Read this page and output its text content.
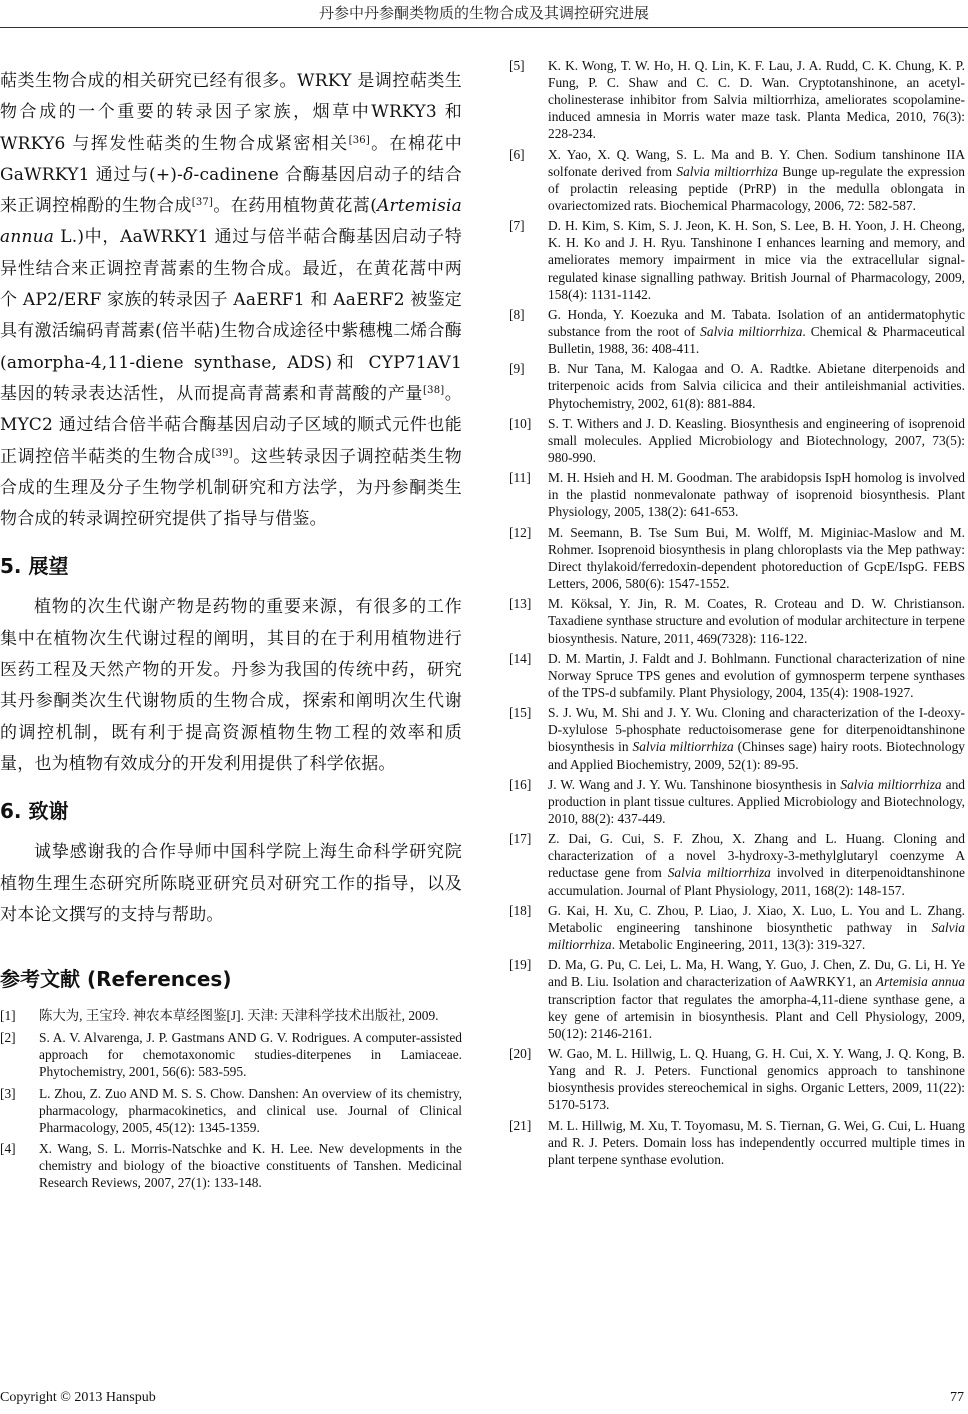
丹参中丹参酮类物质的生物合成及其调控研究进展

萜类生物合成的相关研究已经有很多。WRKY 是调控萜类生物合成的一个重要的转录因子家族，烟草中WRKY3 和 WRKY6 与挥发性萜类的生物合成紧密相关[36]。在棉花中 GaWRKY1 通过与(+)-δ-cadinene 合酶基因启动子的结合来正调控棉酚的生物合成[37]。在药用植物黄花蒿(Artemisia annua L.)中，AaWRKY1 通过与倍半萜合酶基因启动子特异性结合来正调控青蒿素的生物合成。最近，在黄花蒿中两个 AP2/ERF 家族的转录因子 AaERF1 和 AaERF2 被鉴定具有激活编码青蒿素(倍半萜)生物合成途径中紫穗槐二烯合酶(amorpha-4,11-diene synthase, ADS)和 CYP71AV1 基因的转录表达活性，从而提高青蒿素和青蒿酸的产量[38]。MYC2 通过结合倍半萜合酶基因启动子区域的顺式元件也能正调控倍半萜类的生物合成[39]。这些转录因子调控萜类生物合成的生理及分子生物学机制研究和方法学，为丹参酮类生物合成的转录调控研究提供了指导与借鉴。

5. 展望

植物的次生代谢产物是药物的重要来源，有很多的工作集中在植物次生代谢过程的阐明，其目的在于利用植物进行医药工程及天然产物的开发。丹参为我国的传统中药，研究其丹参酮类次生代谢物质的生物合成，探索和阐明次生代谢的调控机制，既有利于提高资源植物生物工程的效率和质量，也为植物有效成分的开发利用提供了科学依据。

6. 致谢

诚挚感谢我的合作导师中国科学院上海生命科学研究院植物生理生态研究所陈晓亚研究员对研究工作的指导，以及对本论文撰写的支持与帮助。

参考文献 (References)
[1]	陈大为, 王宝玲. 神农本草经图鉴[J]. 天津: 天津科学技术出版社, 2009.
[2]	S. A. V. Alvarenga, J. P. Gastmans AND G. V. Rodrigues. A computer-assisted approach for chemotaxonomic studies-diterpenes in Lamiaceae. Phytochemistry, 2001, 56(6): 583-595.
[3]	L. Zhou, Z. Zuo AND M. S. S. Chow. Danshen: An overview of its chemistry, pharmacology, pharmacokinetics, and clinical use. Journal of Clinical Pharmacology, 2005, 45(12): 1345-1359.
[4]	X. Wang, S. L. Morris-Natschke and K. H. Lee. New developments in the chemistry and biology of the bioactive constituents of Tanshen. Medicinal Research Reviews, 2007, 27(1): 133-148.
[5]	K. K. Wong, T. W. Ho, H. Q. Lin, K. F. Lau, J. A. Rudd, C. K. Chung, K. P. Fung, P. C. Shaw and C. C. D. Wan. Cryptotanshinone, an acetyl-cholinesterase inhibitor from Salvia miltiorrhiza, ameliorates scopolamine-induced amnesia in Morris water maze task. Planta Medica, 2010, 76(3): 228-234.
[6]	X. Yao, X. Q. Wang, S. L. Ma and B. Y. Chen. Sodium tanshinone IIA solfonate derived from Salvia miltiorrhiza Bunge up-regulate the expression of prolactin releasing peptide (PrRP) in the medulla oblongata in ovariectomized rats. Biochemical Pharmacology, 2006, 72: 582-587.
[7]	D. H. Kim, S. Kim, S. J. Jeon, K. H. Son, S. Lee, B. H. Yoon, J. H. Cheong, K. H. Ko and J. H. Ryu. Tanshinone I enhances learning and memory, and ameliorates memory impairment in mice via the extracellular signal-regulated kinase signalling pathway. British Journal of Pharmacology, 2009, 158(4): 1131-1142.
[8]	G. Honda, Y. Koezuka and M. Tabata. Isolation of an antidermatophytic substance from the root of Salvia miltiorrhiza. Chemical & Pharmaceutical Bulletin, 1988, 36: 408-411.
[9]	B. Nur Tana, M. Kalogaa and O. A. Radtke. Abietane diterpenoids and triterpenoic acids from Salvia cilicica and their antileishmanial activities. Phytochemistry, 2002, 61(8): 881-884.
[10]	S. T. Withers and J. D. Keasling. Biosynthesis and engineering of isoprenoid small molecules. Applied Microbiology and Biotechnology, 2007, 73(5): 980-990.
[11]	M. H. Hsieh and H. M. Goodman. The arabidopsis IspH homolog is involved in the plastid nonmevalonate pathway of isoprenoid biosynthesis. Plant Physiology, 2005, 138(2): 641-653.
[12]	M. Seemann, B. Tse Sum Bui, M. Wolff, M. Miginiac-Maslow and M. Rohmer. Isoprenoid biosynthesis in plang chloroplasts via the Mep pathway: Direct thylakoid/ferredoxin-dependent photoreduction of GcpE/IspG. FEBS Letters, 2006, 580(6): 1547-1552.
[13]	M. Köksal, Y. Jin, R. M. Coates, R. Croteau and D. W. Christianson. Taxadiene synthase structure and evolution of modular architecture in terpene biosynthesis. Nature, 2011, 469(7328): 116-122.
[14]	D. M. Martin, J. Faldt and J. Bohlmann. Functional characterization of nine Norway Spruce TPS genes and evolution of gymnosperm terpene synthases of the TPS-d subfamily. Plant Physiology, 2004, 135(4): 1908-1927.
[15]	S. J. Wu, M. Shi and J. Y. Wu. Cloning and characterization of the I-deoxy-D-xylulose 5-phosphate reductoisomerase gene for diterpenoidtanshinone biosynthesis in Salvia miltiorrhiza (Chinses sage) hairy roots. Biotechnology and Applied Biochemistry, 2009, 52(1): 89-95.
[16]	J. W. Wang and J. Y. Wu. Tanshinone biosynthesis in Salvia miltiorrhiza and production in plant tissue cultures. Applied Microbiology and Biotechnology, 2010, 88(2): 437-449.
[17]	Z. Dai, G. Cui, S. F. Zhou, X. Zhang and L. Huang. Cloning and characterization of a novel 3-hydroxy-3-methylglutaryl coenzyme A reductase gene from Salvia miltiorrhiza involved in diterpenoidtanshinone accumulation. Journal of Plant Physiology, 2011, 168(2): 148-157.
[18]	G. Kai, H. Xu, C. Zhou, P. Liao, J. Xiao, X. Luo, L. You and L. Zhang. Metabolic engineering tanshinone biosynthetic pathway in Salvia miltiorrhiza. Metabolic Engineering, 2011, 13(3): 319-327.
[19]	D. Ma, G. Pu, C. Lei, L. Ma, H. Wang, Y. Guo, J. Chen, Z. Du, G. Li, H. Ye and B. Liu. Isolation and characterization of AaWRKY1, an Artemisia annua transcription factor that regulates the amorpha-4,11-diene synthase gene, a key gene of artemisin in biosynthesis. Plant and Cell Physiology, 2009, 50(12): 2146-2161.
[20]	W. Gao, M. L. Hillwig, L. Q. Huang, G. H. Cui, X. Y. Wang, J. Q. Kong, B. Yang and R. J. Peters. Functional genomics approach to tanshinone biosynthesis provides stereochemical in sighs. Organic Letters, 2009, 11(22): 5170-5173.
[21]	M. L. Hillwig, M. Xu, T. Toyomasu, M. S. Tiernan, G. Wei, G. Cui, L. Huang and R. J. Peters. Domain loss has independently occurred multiple times in plant terpene synthase evolution.
Copyright © 2013 Hanspub	77
